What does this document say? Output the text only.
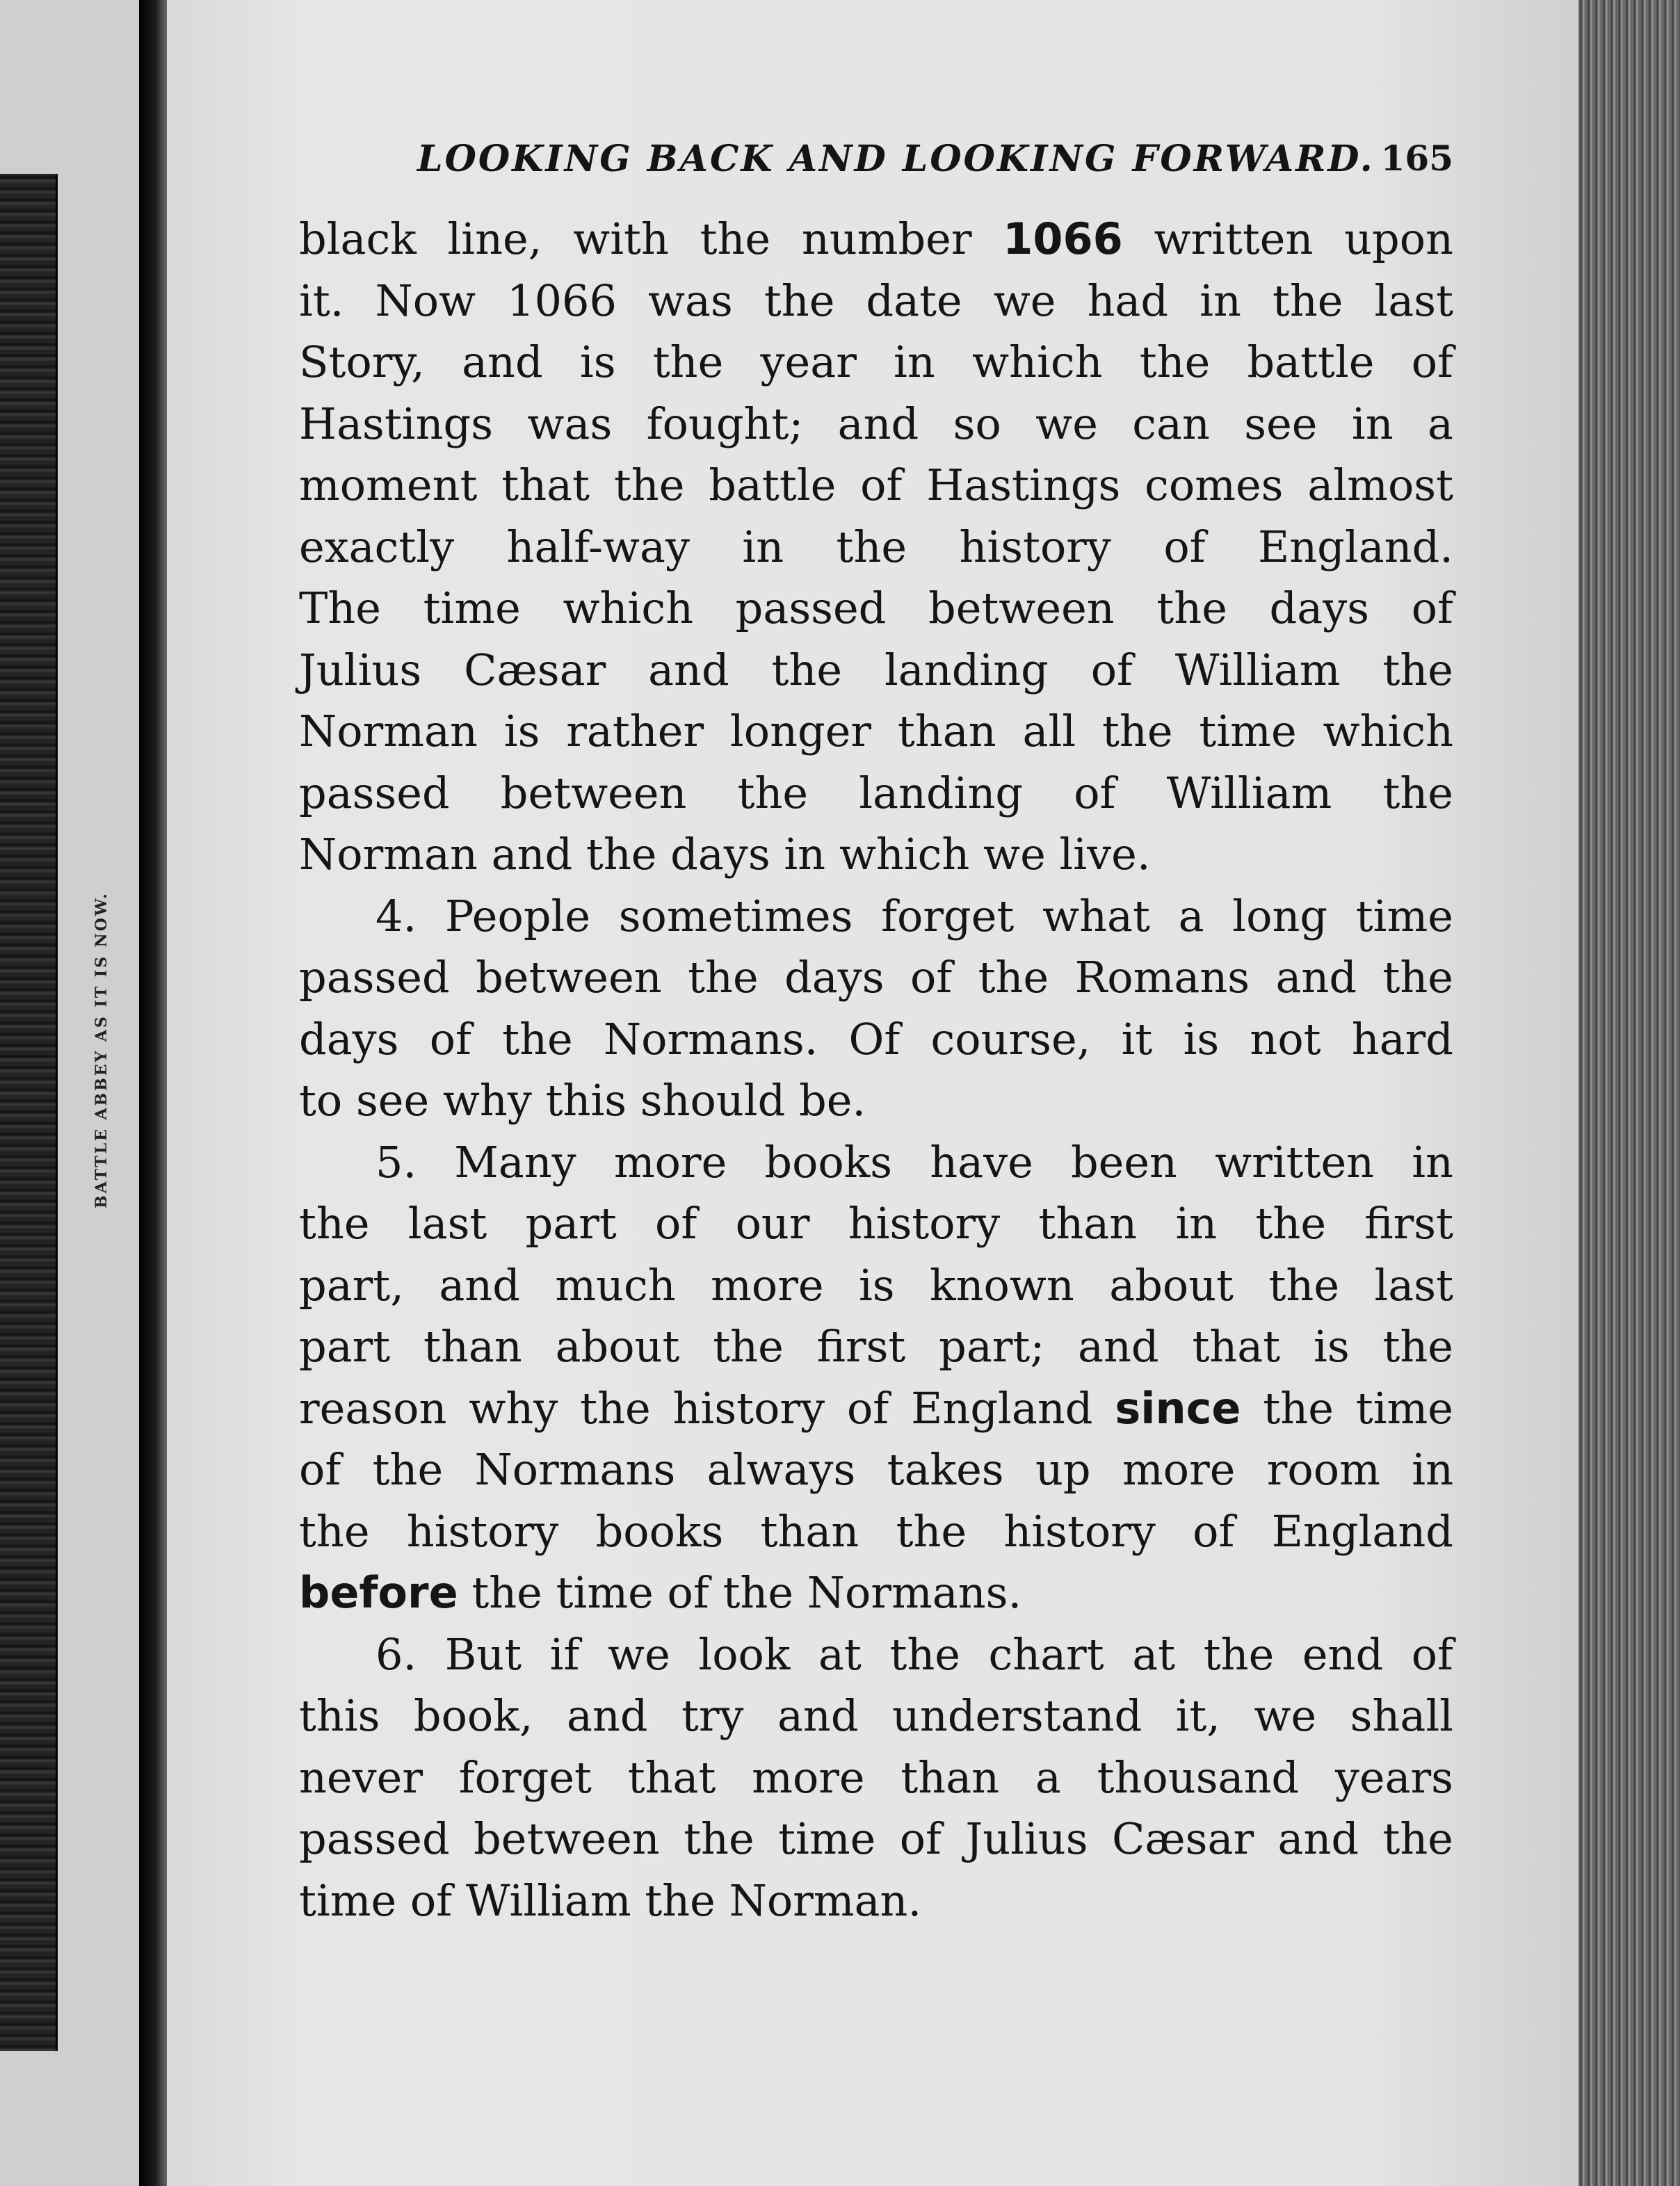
BATTLE ABBEY AS IT IS NOW.
LOOKING BACK AND LOOKING FORWARD. 165
black line, with the number 1066 written upon
it. Now 1066 was the date we had in the last
Story, and is the year in which the battle of
Hastings was fought; and so we can see in a
moment that the battle of Hastings comes almost
exactly half-way in the history of England.
The time which passed between the days of
Julius Cæsar and the landing of William the
Norman is rather longer than all the time which
passed between the landing of William the
Norman and the days in which we live.
4. People sometimes forget what a long time
passed between the days of the Romans and the
days of the Normans. Of course, it is not hard
to see why this should be.
5. Many more books have been written in
the last part of our history than in the first
part, and much more is known about the last
part than about the first part; and that is the
reason why the history of England since the time
of the Normans always takes up more room in
the history books than the history of England
before the time of the Normans.
6. But if we look at the chart at the end of
this book, and try and understand it, we shall
never forget that more than a thousand years
passed between the time of Julius Cæsar and the
time of William the Norman.
